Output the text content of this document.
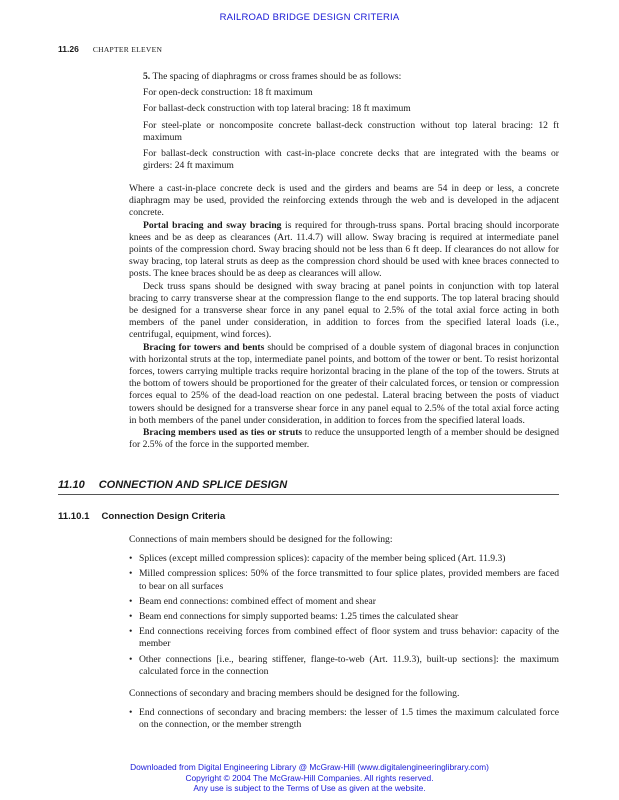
RAILROAD BRIDGE DESIGN CRITERIA
11.26 CHAPTER ELEVEN
5. The spacing of diaphragms or cross frames should be as follows:
For open-deck construction: 18 ft maximum
For ballast-deck construction with top lateral bracing: 18 ft maximum
For steel-plate or noncomposite concrete ballast-deck construction without top lateral bracing: 12 ft maximum
For ballast-deck construction with cast-in-place concrete decks that are integrated with the beams or girders: 24 ft maximum

Where a cast-in-place concrete deck is used and the girders and beams are 54 in deep or less, a concrete diaphragm may be used, provided the reinforcing extends through the web and is developed in the adjacent concrete.

Portal bracing and sway bracing is required for through-truss spans. Portal bracing should incorporate knees and be as deep as clearances (Art. 11.4.7) will allow. Sway bracing is required at intermediate panel points of the compression chord. Sway bracing should not be less than 6 ft deep. If clearances do not allow for sway bracing, top lateral struts as deep as the compression chord should be used with knee braces connected to posts. The knee braces should be as deep as clearances will allow.

Deck truss spans should be designed with sway bracing at panel points in conjunction with top lateral bracing to carry transverse shear at the compression flange to the end supports. The top lateral bracing should be designed for a transverse shear force in any panel equal to 2.5% of the total axial force acting in both members of the panel under consideration, in addition to forces from the specified lateral loads (i.e., centrifugal, equipment, wind forces).

Bracing for towers and bents should be comprised of a double system of diagonal braces in conjunction with horizontal struts at the top, intermediate panel points, and bottom of the tower or bent. To resist horizontal forces, towers carrying multiple tracks require horizontal bracing in the plane of the top of the towers. Struts at the bottom of towers should be proportioned for the greater of their calculated forces, or tension or compression forces equal to 25% of the dead-load reaction on one pedestal. Lateral bracing between the posts of viaduct towers should be designed for a transverse shear force in any panel equal to 2.5% of the total axial force acting in both members of the panel under consideration, in addition to forces from the specified lateral loads.

Bracing members used as ties or struts to reduce the unsupported length of a member should be designed for 2.5% of the force in the supported member.

11.10 CONNECTION AND SPLICE DESIGN
11.10.1 Connection Design Criteria
Connections of main members should be designed for the following:
• Splices (except milled compression splices): capacity of the member being spliced (Art. 11.9.3)
• Milled compression splices: 50% of the force transmitted to four splice plates, provided members are faced to bear on all surfaces
• Beam end connections: combined effect of moment and shear
• Beam end connections for simply supported beams: 1.25 times the calculated shear
• End connections receiving forces from combined effect of floor system and truss behavior: capacity of the member
• Other connections [i.e., bearing stiffener, flange-to-web (Art. 11.9.3), built-up sections]: the maximum calculated force in the connection
Connections of secondary and bracing members should be designed for the following.
• End connections of secondary and bracing members: the lesser of 1.5 times the maximum calculated force on the connection, or the member strength
Downloaded from Digital Engineering Library @ McGraw-Hill (www.digitalengineeringlibrary.com)
Copyright © 2004 The McGraw-Hill Companies. All rights reserved.
Any use is subject to the Terms of Use as given at the website.
